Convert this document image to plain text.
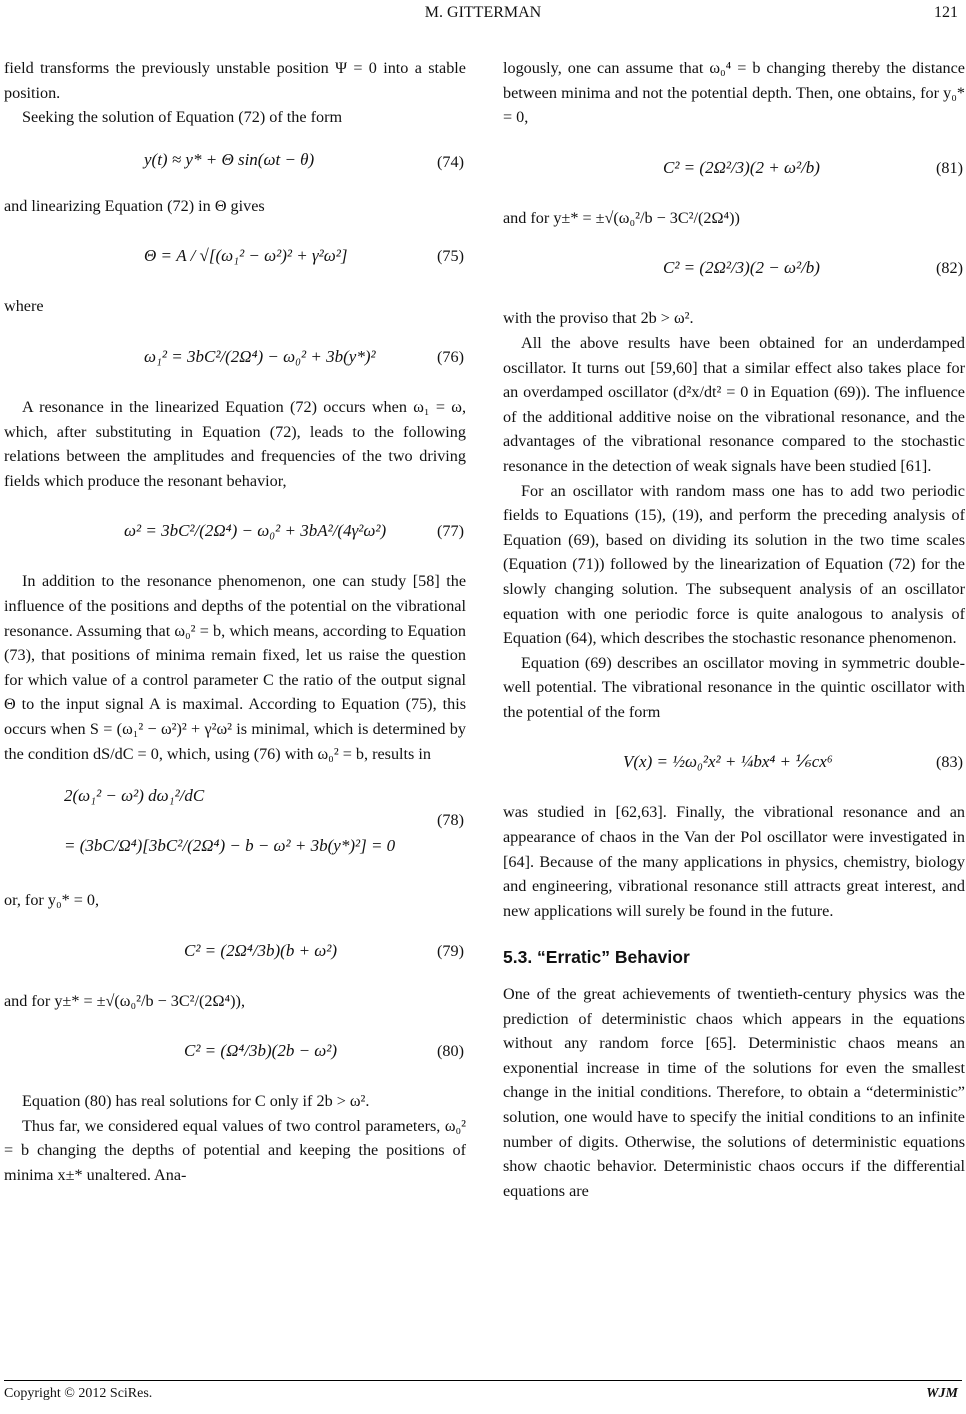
M. GITTERMAN	121

field transforms the previously unstable position Ψ = 0 into a stable position.

Seeking the solution of Equation (72) of the form

y(t) ≈ y* + Θ sin(ωt − θ)	(74)

and linearizing Equation (72) in Θ gives

Θ = A / √[(ω₁² − ω²)² + γ²ω²]	(75)

where

ω₁² = 3bC²/(2Ω⁴) − ω₀² + 3b(y*)²	(76)

A resonance in the linearized Equation (72) occurs when ω₁ = ω, which, after substituting in Equation (72), leads to the following relations between the amplitudes and frequencies of the two driving fields which produce the resonant behavior,

ω² = 3bC²/(2Ω⁴) − ω₀² + 3bA²/(4γ²ω²)	(77)

In addition to the resonance phenomenon, one can study [58] the influence of the positions and depths of the potential on the vibrational resonance. Assuming that ω₀² = b, which means, according to Equation (73), that positions of minima remain fixed, let us raise the question for which value of a control parameter C the ratio of the output signal Θ to the input signal A is maximal. According to Equation (75), this occurs when S = (ω₁² − ω²)² + γ²ω² is minimal, which is determined by the condition dS/dC = 0, which, using (76) with ω₀² = b, results in

2(ω₁² − ω²) dω₁²/dC
= (3bC/Ω⁴)[3bC²/(2Ω⁴) − b − ω² + 3b(y*)²] = 0
(78)

or, for y₀* = 0,

C² = (2Ω⁴/3b)(b + ω²)	(79)

and for y±* = ±√(ω₀²/b − 3C²/(2Ω⁴)),

C² = (Ω⁴/3b)(2b − ω²)	(80)

Equation (80) has real solutions for C only if 2b > ω².

Thus far, we considered equal values of two control parameters, ω₀² = b changing the depths of potential and keeping the positions of minima x±* unaltered. Ana-

logously, one can assume that ω₀⁴ = b changing thereby the distance between minima and not the potential depth. Then, one obtains, for y₀* = 0,

C² = (2Ω²/3)(2 + ω²/b)	(81)

and for y±* = ±√(ω₀²/b − 3C²/(2Ω⁴))

C² = (2Ω²/3)(2 − ω²/b)	(82)

with the proviso that 2b > ω².

All the above results have been obtained for an underdamped oscillator. It turns out [59,60] that a similar effect also takes place for an overdamped oscillator (d²x/dt² = 0 in Equation (69)). The influence of the additional additive noise on the vibrational resonance, and the advantages of the vibrational resonance compared to the stochastic resonance in the detection of weak signals have been studied [61].

For an oscillator with random mass one has to add two periodic fields to Equations (15), (19), and perform the preceding analysis of Equation (69), based on dividing its solution in the two time scales (Equation (71)) followed by the linearization of Equation (72) for the slowly changing solution. The subsequent analysis of an oscillator equation with one periodic force is quite analogous to analysis of Equation (64), which describes the stochastic resonance phenomenon.

Equation (69) describes an oscillator moving in symmetric double-well potential. The vibrational resonance in the quintic oscillator with the potential of the form

V(x) = ½ω₀²x² + ¼bx⁴ + ⅙cx⁶	(83)

was studied in [62,63]. Finally, the vibrational resonance and an appearance of chaos in the Van der Pol oscillator were investigated in [64]. Because of the many applications in physics, chemistry, biology and engineering, vibrational resonance still attracts great interest, and new applications will surely be found in the future.

5.3. “Erratic” Behavior

One of the great achievements of twentieth-century physics was the prediction of deterministic chaos which appears in the equations without any random force [65]. Deterministic chaos means an exponential increase in time of the solutions for even the smallest change in the initial conditions. Therefore, to obtain a “deterministic” solution, one would have to specify the initial conditions to an infinite number of digits. Otherwise, the solutions of deterministic equations show chaotic behavior. Deterministic chaos occurs if the differential equations are

Copyright © 2012 SciRes.	WJM
